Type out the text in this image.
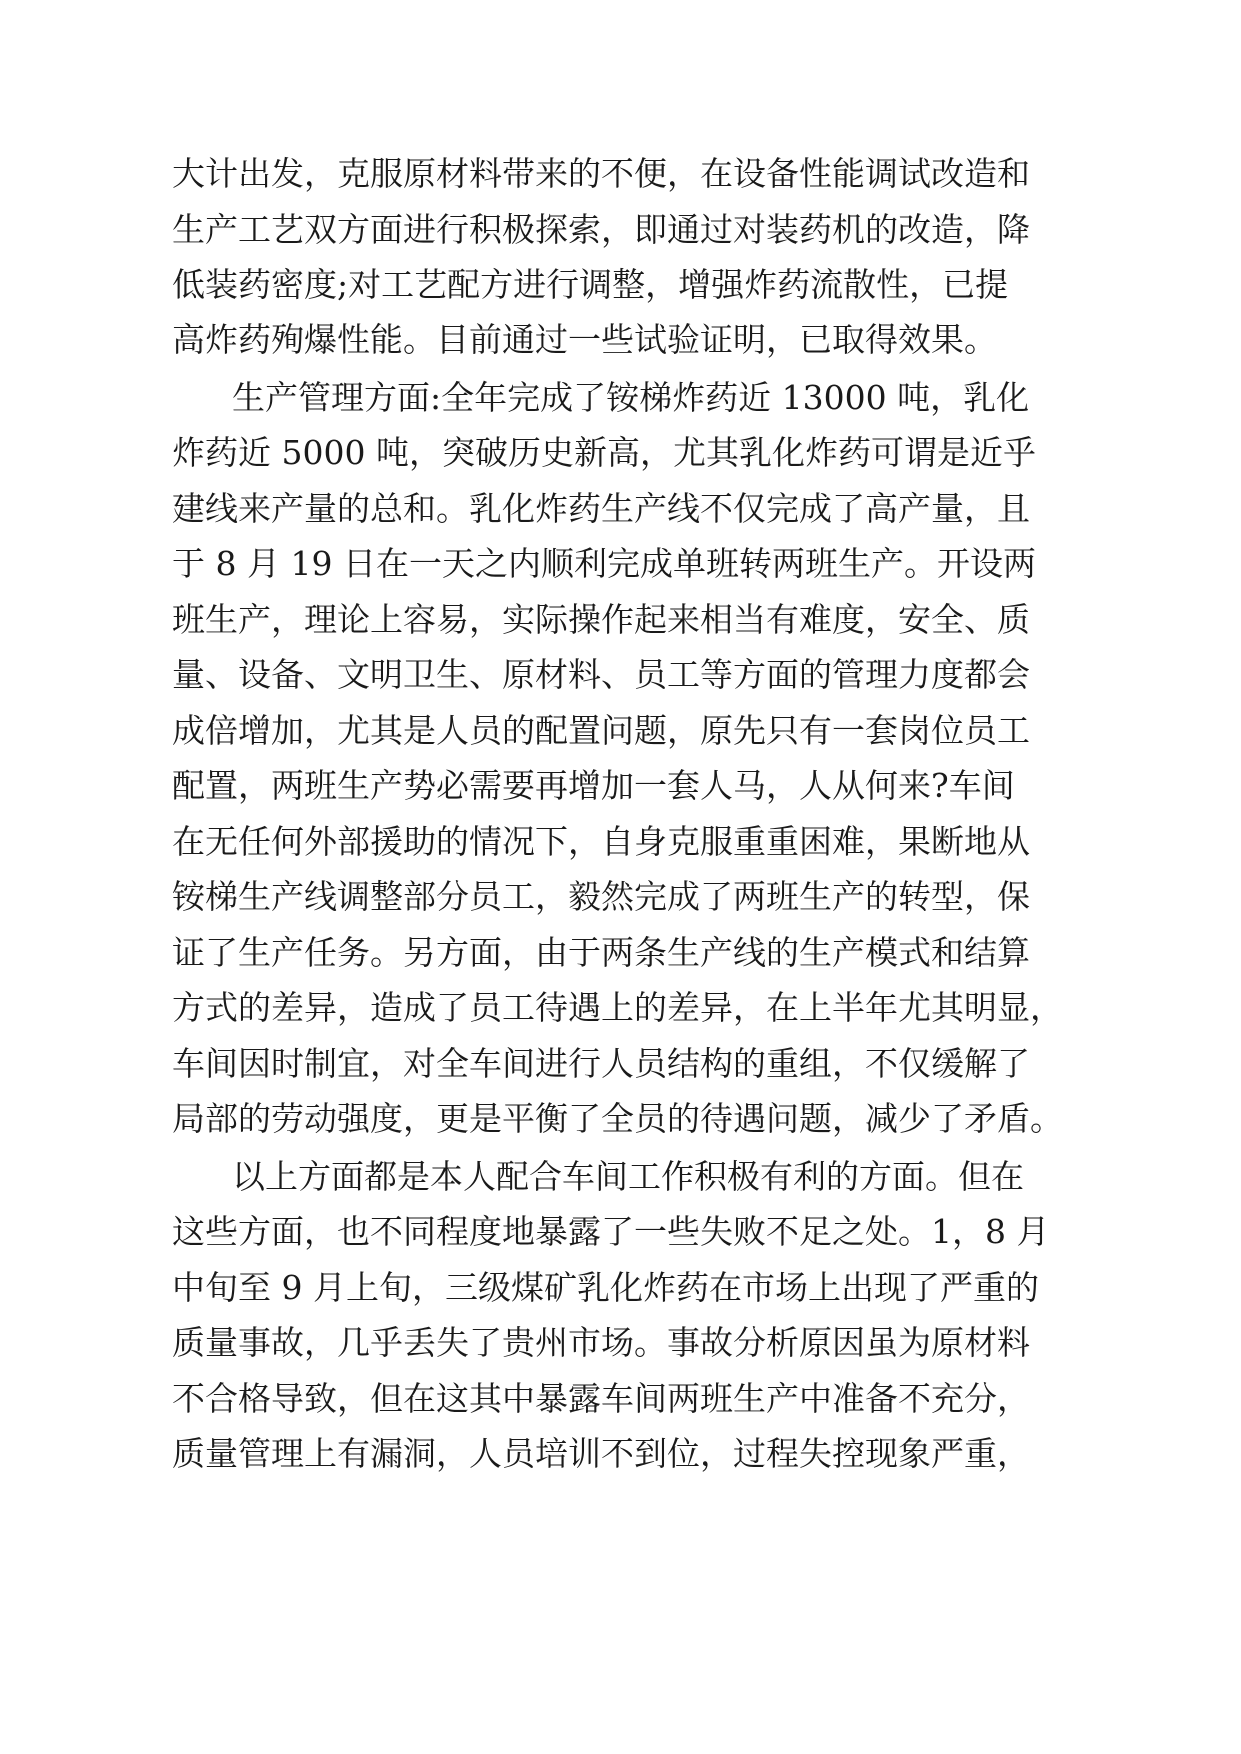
大计出发，克服原材料带来的不便，在设备性能调试改造和
生产工艺双方面进行积极探索，即通过对装药机的改造，降
低装药密度;对工艺配方进行调整，增强炸药流散性，已提
高炸药殉爆性能。目前通过一些试验证明，已取得效果。
生产管理方面:全年完成了铵梯炸药近 13000 吨，乳化
炸药近 5000 吨，突破历史新高，尤其乳化炸药可谓是近乎
建线来产量的总和。乳化炸药生产线不仅完成了高产量，且
于 8 月 19 日在一天之内顺利完成单班转两班生产。开设两
班生产，理论上容易，实际操作起来相当有难度，安全、质
量、设备、文明卫生、原材料、员工等方面的管理力度都会
成倍增加，尤其是人员的配置问题，原先只有一套岗位员工
配置，两班生产势必需要再增加一套人马，人从何来?车间
在无任何外部援助的情况下，自身克服重重困难，果断地从
铵梯生产线调整部分员工，毅然完成了两班生产的转型，保
证了生产任务。另方面，由于两条生产线的生产模式和结算
方式的差异，造成了员工待遇上的差异，在上半年尤其明显，
车间因时制宜，对全车间进行人员结构的重组，不仅缓解了
局部的劳动强度，更是平衡了全员的待遇问题，减少了矛盾。
以上方面都是本人配合车间工作积极有利的方面。但在
这些方面，也不同程度地暴露了一些失败不足之处。1，8 月
中旬至 9 月上旬，三级煤矿乳化炸药在市场上出现了严重的
质量事故，几乎丢失了贵州市场。事故分析原因虽为原材料
不合格导致，但在这其中暴露车间两班生产中准备不充分，
质量管理上有漏洞，人员培训不到位，过程失控现象严重，
